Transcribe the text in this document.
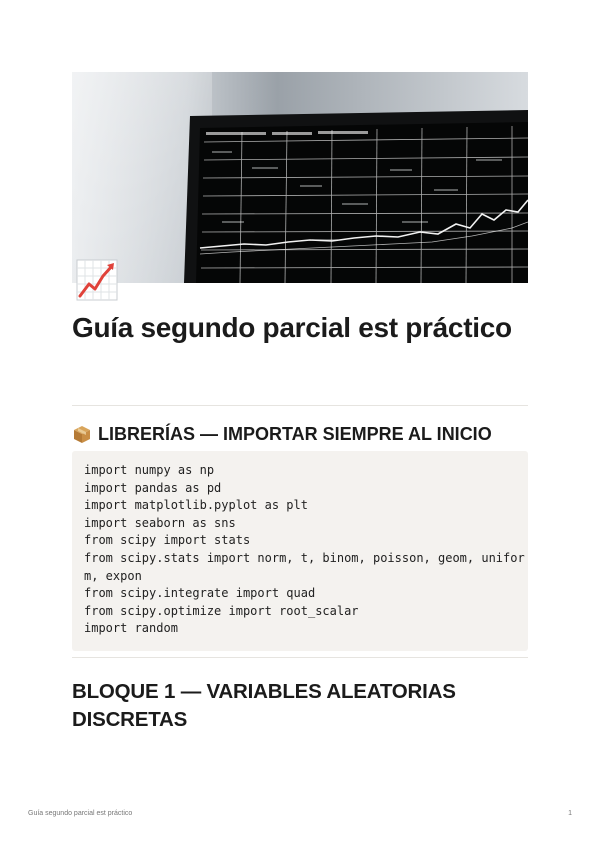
Guía segundo parcial est práctico
LIBRERÍAS — IMPORTAR SIEMPRE AL INICIO
import numpy as np
import pandas as pd
import matplotlib.pyplot as plt
import seaborn as sns
from scipy import stats
from scipy.stats import norm, t, binom, poisson, geom, unifor
m, expon
from scipy.integrate import quad
from scipy.optimize import root_scalar
import random
BLOQUE 1 — VARIABLES ALEATORIAS DISCRETAS
Guía segundo parcial est práctico	1
